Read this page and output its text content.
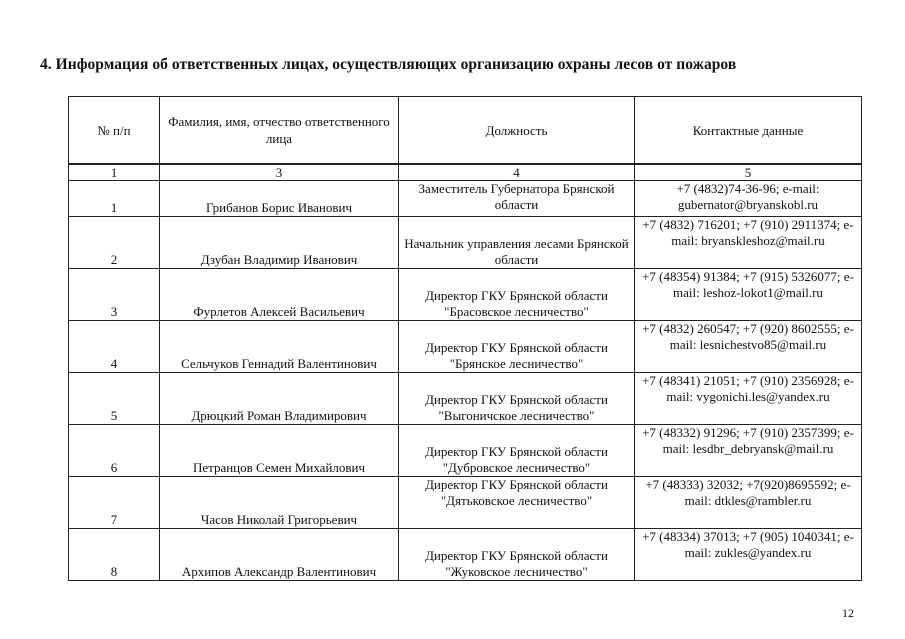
4. Информация об ответственных лицах, осуществляющих организацию охраны лесов от пожаров
№ п/п	Фамилия, имя, отчество ответственного лица	Должность	Контактные данные
1	3	4	5
1	Грибанов Борис Иванович	Заместитель Губернатора Брянской области	+7 (4832)74-36-96; e-mail: gubernator@bryanskobl.ru
2	Дзубан Владимир Иванович	Начальник управления лесами Брянской области	+7 (4832) 716201; +7 (910) 2911374; e-mail: bryanskleshoz@mail.ru
3	Фурлетов Алексей Васильевич	Директор ГКУ Брянской области "Брасовское лесничество"	+7 (48354) 91384; +7 (915) 5326077; e-mail: leshoz-lokot1@mail.ru
4	Сельчуков Геннадий Валентинович	Директор ГКУ Брянской области "Брянское лесничество"	+7 (4832) 260547; +7 (920) 8602555; e-mail: lesnichestvo85@mail.ru
5	Дрюцкий Роман Владимирович	Директор ГКУ Брянской области "Выгоничское лесничество"	+7 (48341) 21051; +7 (910) 2356928; e-mail: vygonichi.les@yandex.ru
6	Петранцов Семен Михайлович	Директор ГКУ Брянской области "Дубровское лесничество"	+7 (48332) 91296; +7 (910) 2357399; e-mail: lesdbr_debryansk@mail.ru
7	Часов Николай Григорьевич	Директор ГКУ Брянской области "Дятьковское лесничество"	+7 (48333) 32032; +7(920)8695592; e-mail: dtkles@rambler.ru
8	Архипов Александр Валентинович	Директор ГКУ Брянской области "Жуковское лесничество"	+7 (48334) 37013; +7 (905) 1040341; e-mail: zukles@yandex.ru
12
